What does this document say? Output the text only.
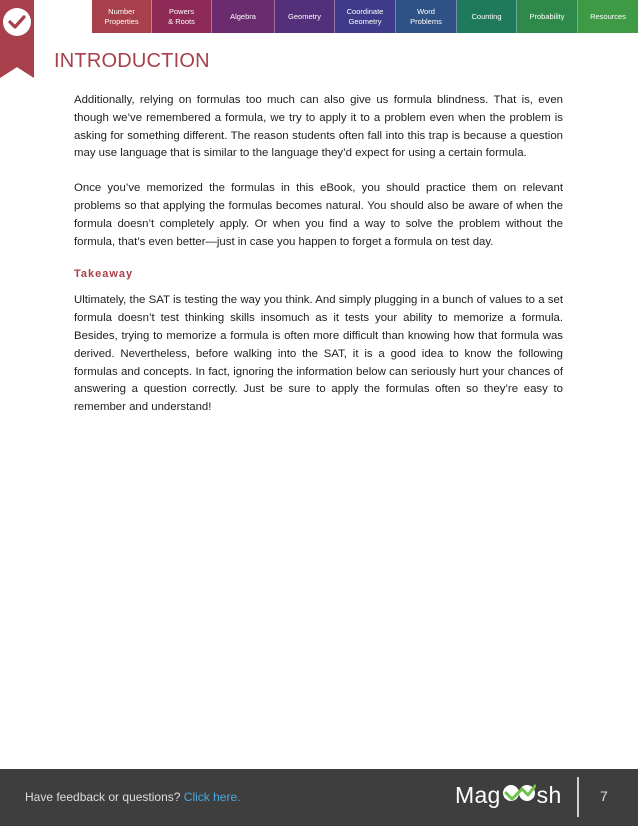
Number
Properties
Powers
& Roots
Algebra	Geometry
Coordinate
Geometry
Word
Problems
Counting	Probability	Resources
INTRODUCTION

Additionally, relying on formulas too much can also give us formula blindness. That is, even though we’ve remembered a formula, we try to apply it to a problem even when the problem is asking for something different. The reason students often fall into this trap is because a question may use language that is similar to the language they’d expect for using a certain formula.

Once you’ve memorized the formulas in this eBook, you should practice them on relevant problems so that applying the formulas becomes natural. You should also be aware of when the formula doesn’t completely apply. Or when you find a way to solve the problem without the formula, that’s even better—just in case you happen to forget a formula on test day.

Takeaway

Ultimately, the SAT is testing the way you think. And simply plugging in a bunch of values to a set formula doesn’t test thinking skills insomuch as it tests your ability to memorize a formula. Besides, trying to memorize a formula is often more difficult than knowing how that formula was derived. Nevertheless, before walking into the SAT, it is a good idea to know the following formulas and concepts. In fact, ignoring the information below can seriously hurt your chances of answering a question correctly. Just be sure to apply the formulas often so they’re easy to remember and understand!

Have feedback or questions? Click here.	Mag sh	7
